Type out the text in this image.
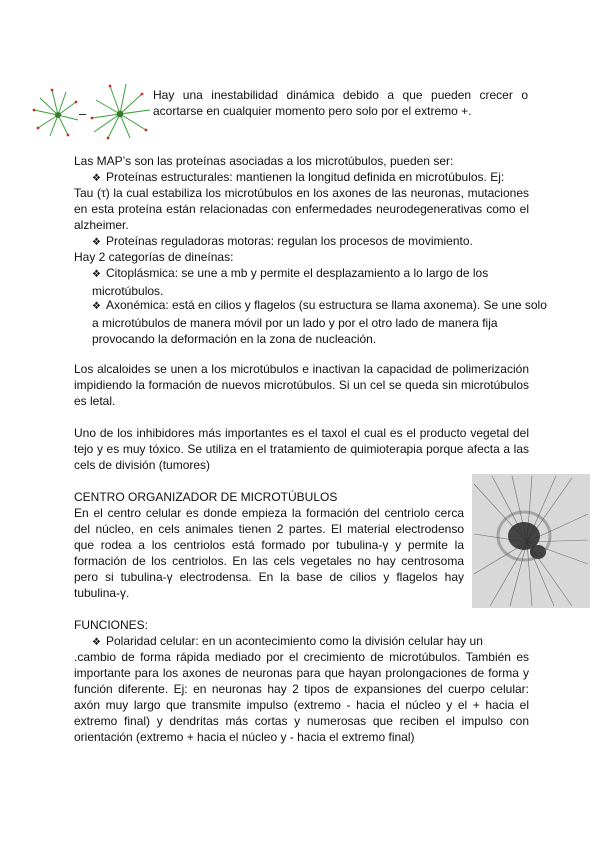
–
Hay una inestabilidad dinámica debido a que pueden crecer o acortarse en cualquier momento pero solo por el extremo +.

Las MAP’s son las proteínas asociadas a los microtúbulos, pueden ser:

❖ Proteínas estructurales: mantienen la longitud definida en microtúbulos. Ej:

Tau (τ) la cual estabiliza los microtúbulos en los axones de las neuronas, mutaciones en esta proteína están relacionadas con enfermedades neurodegenerativas como el alzheimer.

❖ Proteínas reguladoras motoras: regulan los procesos de movimiento.

Hay 2 categorías de dineínas:

❖ Citoplásmica: se une a mb y permite el desplazamiento a lo largo de los microtúbulos.

❖ Axonémica: está en cilios y flagelos (su estructura se llama axonema). Se une solo a microtúbulos de manera móvil por un lado y por el otro lado de manera fija provocando la deformación en la zona de nucleación.

Los alcaloides se unen a los microtúbulos e inactivan la capacidad de polimerización impidiendo la formación de nuevos microtúbulos. Si un cel se queda sin microtúbulos es letal.

Uno de los inhibidores más importantes es el taxol el cual es el producto vegetal del tejo y es muy tóxico. Se utiliza en el tratamiento de quimioterapia porque afecta a las cels de división (tumores)

CENTRO ORGANIZADOR DE MICROTÚBULOS

En el centro celular es donde empieza la formación del centriolo cerca del núcleo, en cels animales tienen 2 partes. El material electrodenso que rodea a los centriolos está formado por tubulina-γ y permite la formación de los centriolos. En las cels vegetales no hay centrosoma pero si tubulina-γ electrodensa. En la base de cilios y flagelos hay tubulina-γ.

FUNCIONES:

❖ Polaridad celular: en un acontecimiento como la división celular hay un

.cambio de forma rápida mediado por el crecimiento de microtúbulos. También es importante para los axones de neuronas para que hayan prolongaciones de forma y función diferente. Ej: en neuronas hay 2 tipos de expansiones del cuerpo celular: axón muy largo que transmite impulso (extremo - hacia el núcleo y el + hacia el extremo final) y dendritas más cortas y numerosas que reciben el impulso con orientación (extremo + hacia el núcleo y - hacia el extremo final)
